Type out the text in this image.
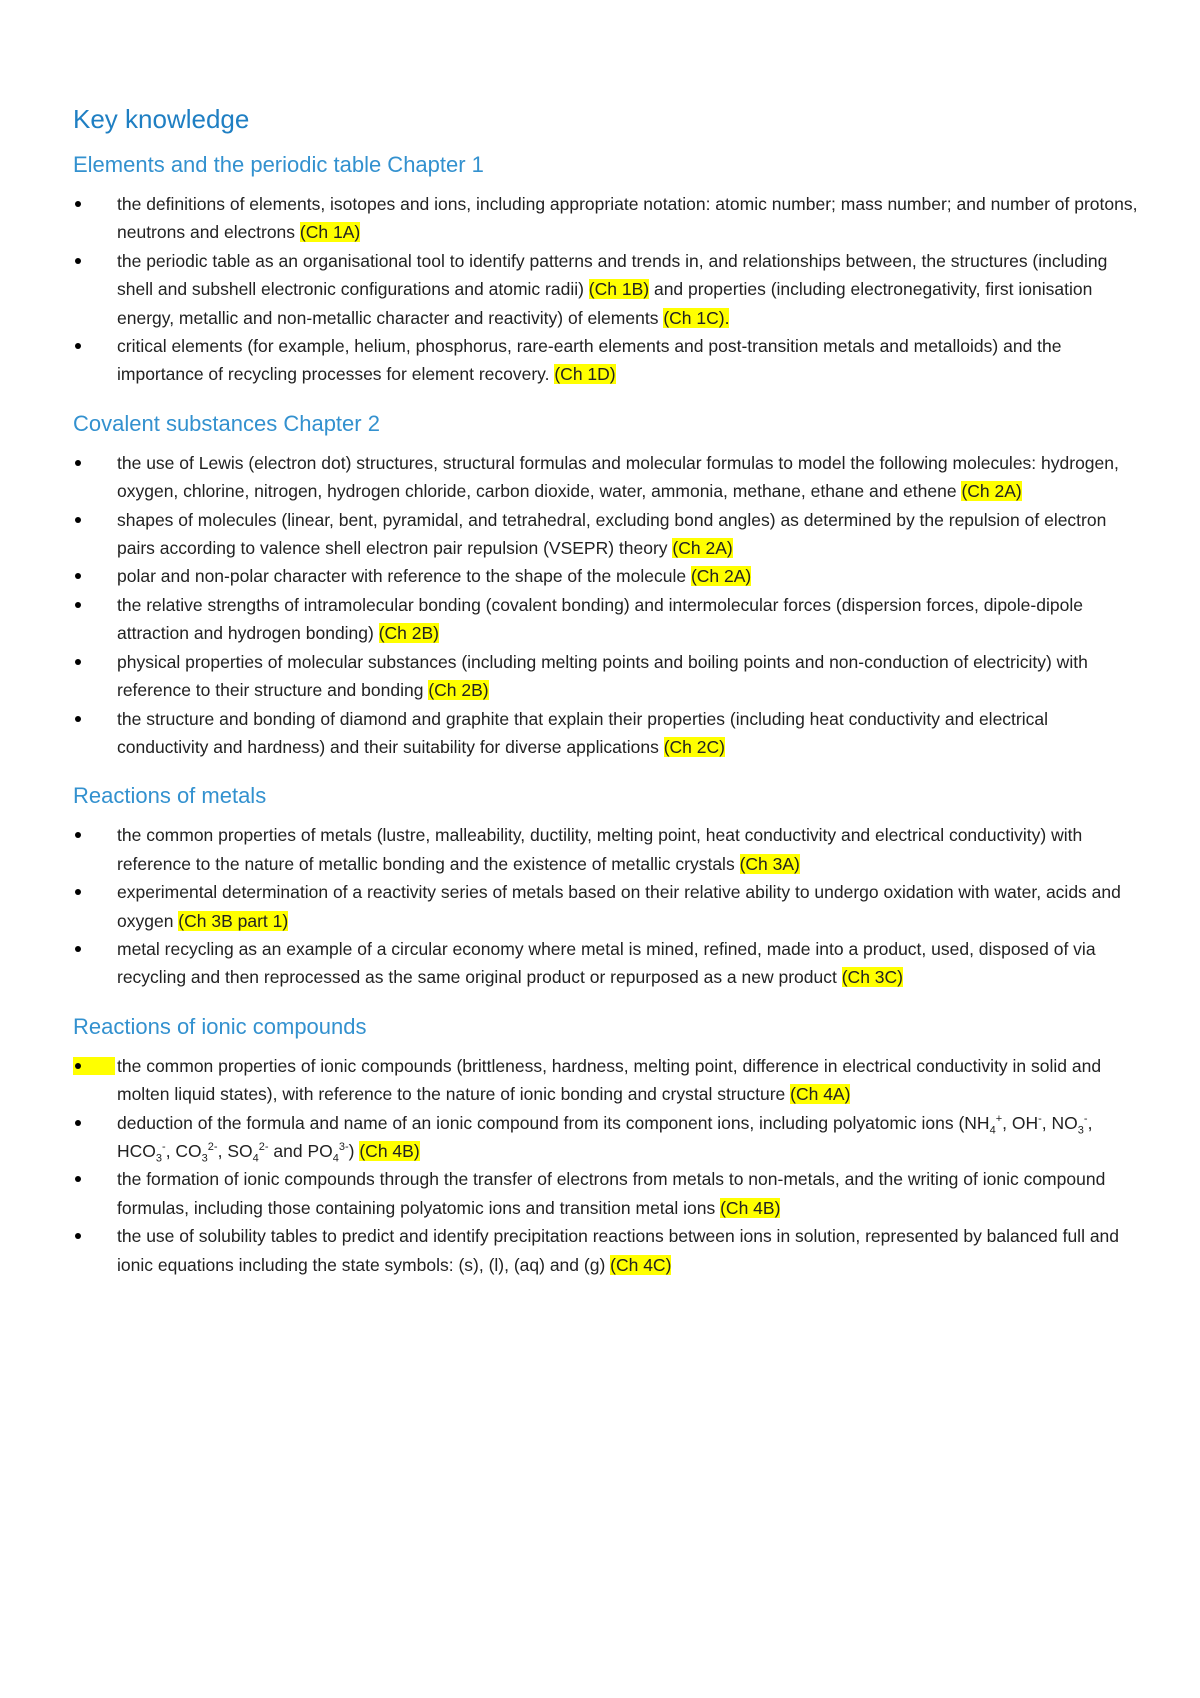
Key knowledge
Elements and the periodic table Chapter 1
the definitions of elements, isotopes and ions, including appropriate notation: atomic number; mass number; and number of protons, neutrons and electrons (Ch 1A)
the periodic table as an organisational tool to identify patterns and trends in, and relationships between, the structures (including shell and subshell electronic configurations and atomic radii) (Ch 1B) and properties (including electronegativity, first ionisation energy, metallic and non-metallic character and reactivity) of elements (Ch 1C).
critical elements (for example, helium, phosphorus, rare-earth elements and post-transition metals and metalloids) and the importance of recycling processes for element recovery. (Ch 1D)
Covalent substances Chapter 2
the use of Lewis (electron dot) structures, structural formulas and molecular formulas to model the following molecules: hydrogen, oxygen, chlorine, nitrogen, hydrogen chloride, carbon dioxide, water, ammonia, methane, ethane and ethene (Ch 2A)
shapes of molecules (linear, bent, pyramidal, and tetrahedral, excluding bond angles) as determined by the repulsion of electron pairs according to valence shell electron pair repulsion (VSEPR) theory (Ch 2A)
polar and non-polar character with reference to the shape of the molecule (Ch 2A)
the relative strengths of intramolecular bonding (covalent bonding) and intermolecular forces (dispersion forces, dipole-dipole attraction and hydrogen bonding) (Ch 2B)
physical properties of molecular substances (including melting points and boiling points and non-conduction of electricity) with reference to their structure and bonding (Ch 2B)
the structure and bonding of diamond and graphite that explain their properties (including heat conductivity and electrical conductivity and hardness) and their suitability for diverse applications (Ch 2C)
Reactions of metals
the common properties of metals (lustre, malleability, ductility, melting point, heat conductivity and electrical conductivity) with reference to the nature of metallic bonding and the existence of metallic crystals (Ch 3A)
experimental determination of a reactivity series of metals based on their relative ability to undergo oxidation with water, acids and oxygen (Ch 3B part 1)
metal recycling as an example of a circular economy where metal is mined, refined, made into a product, used, disposed of via recycling and then reprocessed as the same original product or repurposed as a new product (Ch 3C)
Reactions of ionic compounds
the common properties of ionic compounds (brittleness, hardness, melting point, difference in electrical conductivity in solid and molten liquid states), with reference to the nature of ionic bonding and crystal structure (Ch 4A)
deduction of the formula and name of an ionic compound from its component ions, including polyatomic ions ($NH_4^+$, OH-, $NO_3^-$, $HCO_3^-$, $CO_3^{2-}$, $SO_4^{2-}$ and $PO_4^{3-}$) (Ch 4B)
the formation of ionic compounds through the transfer of electrons from metals to non-metals, and the writing of ionic compound formulas, including those containing polyatomic ions and transition metal ions (Ch 4B)
the use of solubility tables to predict and identify precipitation reactions between ions in solution, represented by balanced full and ionic equations including the state symbols: (s), (l), (aq) and (g) (Ch 4C)
